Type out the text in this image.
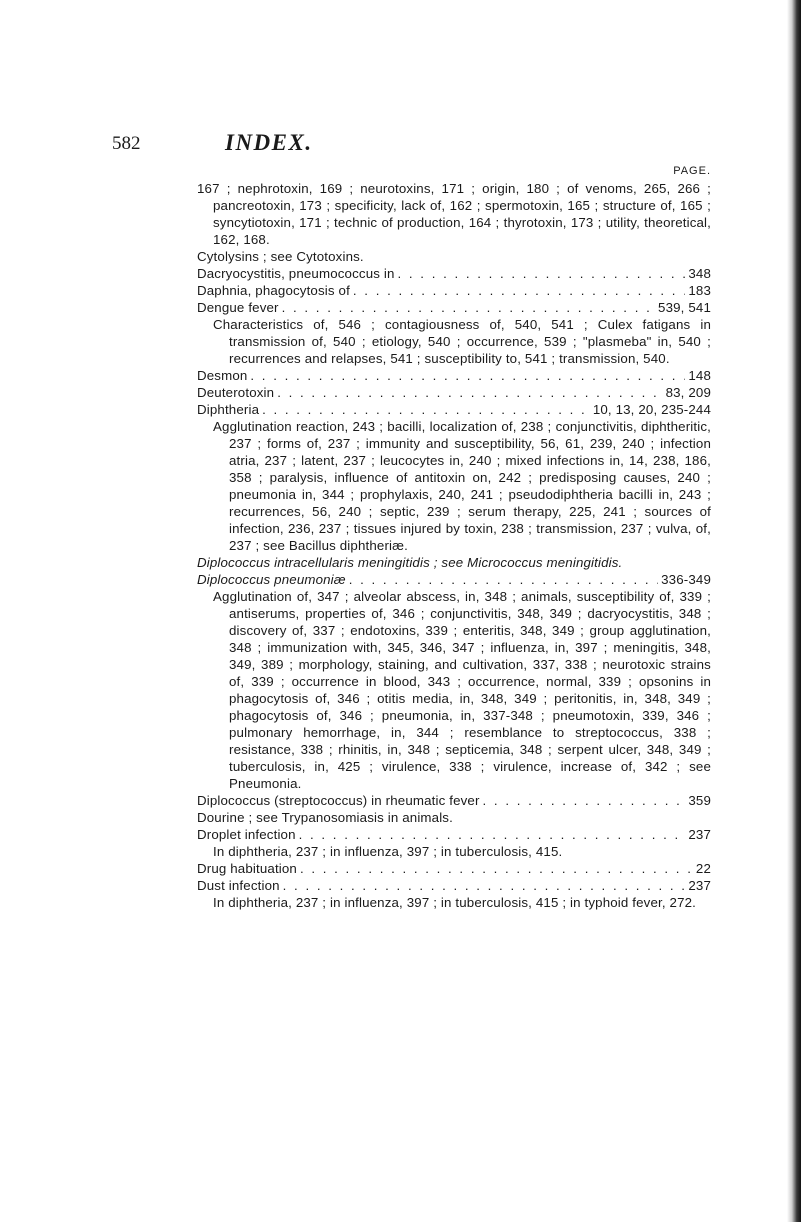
582	INDEX.
PAGE.
167 ; nephrotoxin, 169 ; neurotoxins, 171 ; origin, 180 ; of venoms, 265, 266 ; pancreotoxin, 173 ; specificity, lack of, 162 ; spermotoxin, 165 ; structure of, 165 ; syncytiotoxin, 171 ; technic of production, 164 ; thyrotoxin, 173 ; utility, theoretical, 162, 168.
Cytolysins ; see Cytotoxins.
Dacryocystitis, pneumococcus in . . .	348
Daphnia, phagocytosis of . . .	183
Dengue fever . . .	539, 541
Characteristics of, 546 ; contagiousness of, 540, 541 ; Culex fatigans in transmission of, 540 ; etiology, 540 ; occurrence, 539 ; "plasmeba" in, 540 ; recurrences and relapses, 541 ; susceptibility to, 541 ; transmission, 540.
Desmon . . .	148
Deuterotoxin . . .	83, 209
Diphtheria . . .	10, 13, 20, 235-244
Agglutination reaction, 243 ; bacilli, localization of, 238 ; conjunctivitis, diphtheritic, 237 ; forms of, 237 ; immunity and susceptibility, 56, 61, 239, 240 ; infection atria, 237 ; latent, 237 ; leucocytes in, 240 ; mixed infections in, 14, 238, 186, 358 ; paralysis, influence of antitoxin on, 242 ; predisposing causes, 240 ; pneumonia in, 344 ; prophylaxis, 240, 241 ; pseudodiphtheria bacilli in, 243 ; recurrences, 56, 240 ; septic, 239 ; serum therapy, 225, 241 ; sources of infection, 236, 237 ; tissues injured by toxin, 238 ; transmission, 237 ; vulva, of, 237 ; see Bacillus diphtheriæ.
Diplococcus intracellularis meningitidis ; see Micrococcus meningitidis.
Diplococcus pneumoniæ . . .	336-349
Agglutination of, 347 ; alveolar abscess, in, 348 ; animals, susceptibility of, 339 ; antiserums, properties of, 346 ; conjunctivitis, 348, 349 ; dacryocystitis, 348 ; discovery of, 337 ; endotoxins, 339 ; enteritis, 348, 349 ; group agglutination, 348 ; immunization with, 345, 346, 347 ; influenza, in, 397 ; meningitis, 348, 349, 389 ; morphology, staining, and cultivation, 337, 338 ; neurotoxic strains of, 339 ; occurrence in blood, 343 ; occurrence, normal, 339 ; opsonins in phagocytosis of, 346 ; otitis media, in, 348, 349 ; peritonitis, in, 348, 349 ; phagocytosis of, 346 ; pneumonia, in, 337-348 ; pneumotoxin, 339, 346 ; pulmonary hemorrhage, in, 344 ; resemblance to streptococcus, 338 ; resistance, 338 ; rhinitis, in, 348 ; septicemia, 348 ; serpent ulcer, 348, 349 ; tuberculosis, in, 425 ; virulence, 338 ; virulence, increase of, 342 ; see Pneumonia.
Diplococcus (streptococcus) in rheumatic fever . . .	359
Dourine ; see Trypanosomiasis in animals.
Droplet infection . . .	237
In diphtheria, 237 ; in influenza, 397 ; in tuberculosis, 415.
Drug habituation . . .	22
Dust infection . . .	237
In diphtheria, 237 ; in influenza, 397 ; in tuberculosis, 415 ; in typhoid fever, 272.
